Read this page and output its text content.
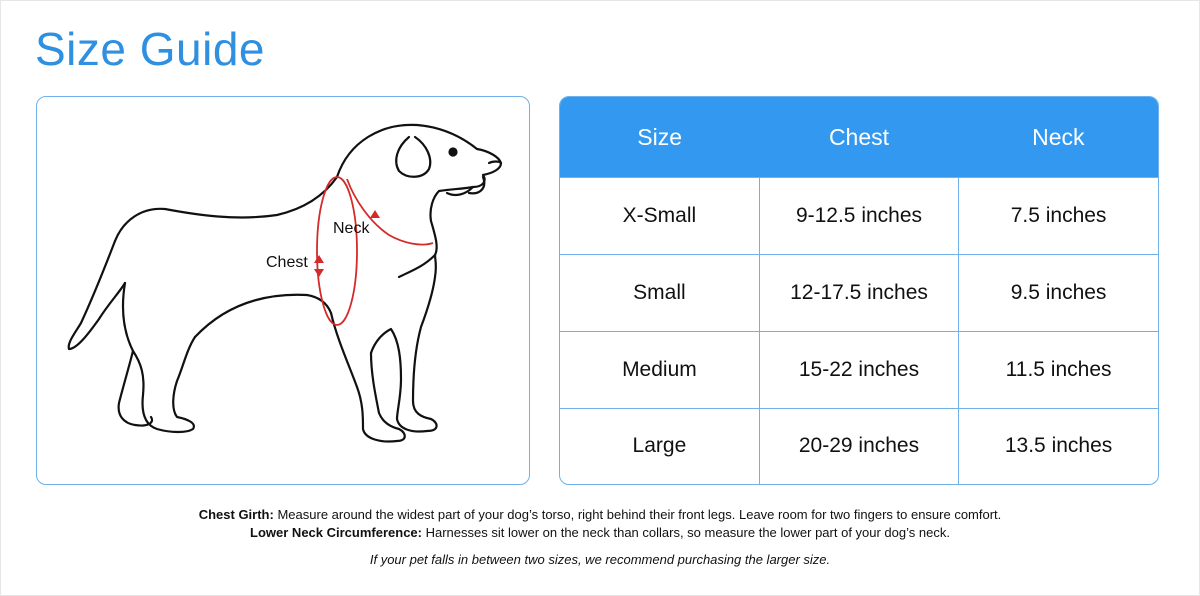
Size Guide
Neck
Chest
Size	Chest	Neck
X-Small	9-12.5 inches	7.5 inches
Small	12-17.5 inches	9.5 inches
Medium	15-22 inches	11.5 inches
Large	20-29 inches	13.5 inches
Chest Girth: Measure around the widest part of your dog’s torso, right behind their front legs. Leave room for two fingers to ensure comfort.
Lower Neck Circumference: Harnesses sit lower on the neck than collars, so measure the lower part of your dog’s neck.
If your pet falls in between two sizes, we recommend purchasing the larger size.
